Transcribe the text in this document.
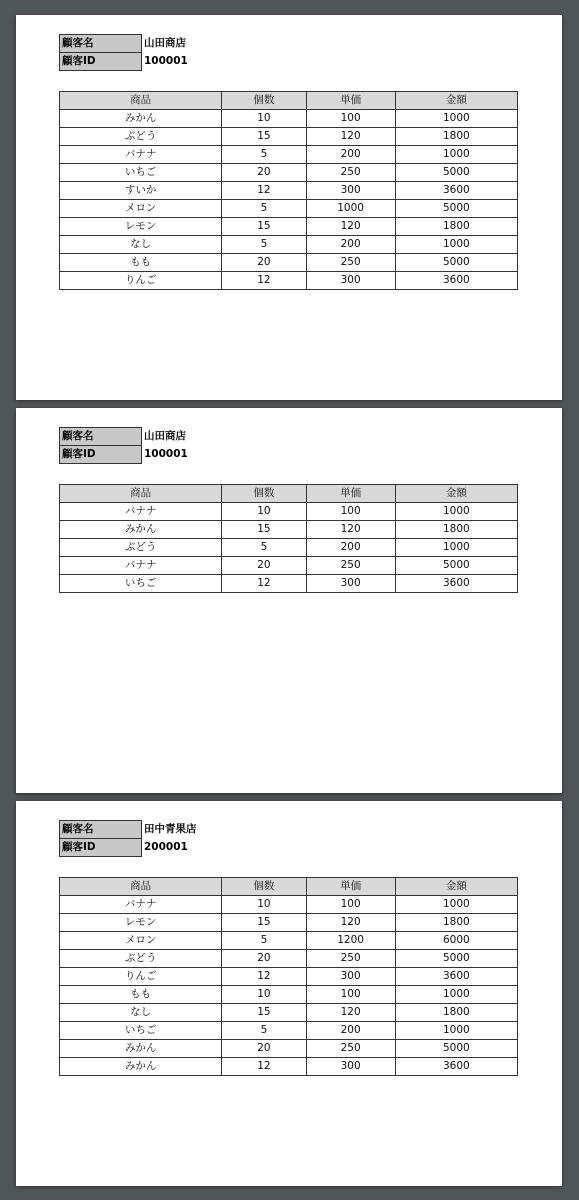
顧客名	山田商店
顧客ID	100001
商品	個数	単価	金額
みかん	10	100	1000
ぶどう	15	120	1800
バナナ	5	200	1000
いちご	20	250	5000
すいか	12	300	3600
メロン	5	1000	5000
レモン	15	120	1800
なし	5	200	1000
もも	20	250	5000
りんご	12	300	3600
顧客名	山田商店
顧客ID	100001
商品	個数	単価	金額
バナナ	10	100	1000
みかん	15	120	1800
ぶどう	5	200	1000
バナナ	20	250	5000
いちご	12	300	3600
顧客名	田中青果店
顧客ID	200001
商品	個数	単価	金額
バナナ	10	100	1000
レモン	15	120	1800
メロン	5	1200	6000
ぶどう	20	250	5000
りんご	12	300	3600
もも	10	100	1000
なし	15	120	1800
いちご	5	200	1000
みかん	20	250	5000
みかん	12	300	3600
